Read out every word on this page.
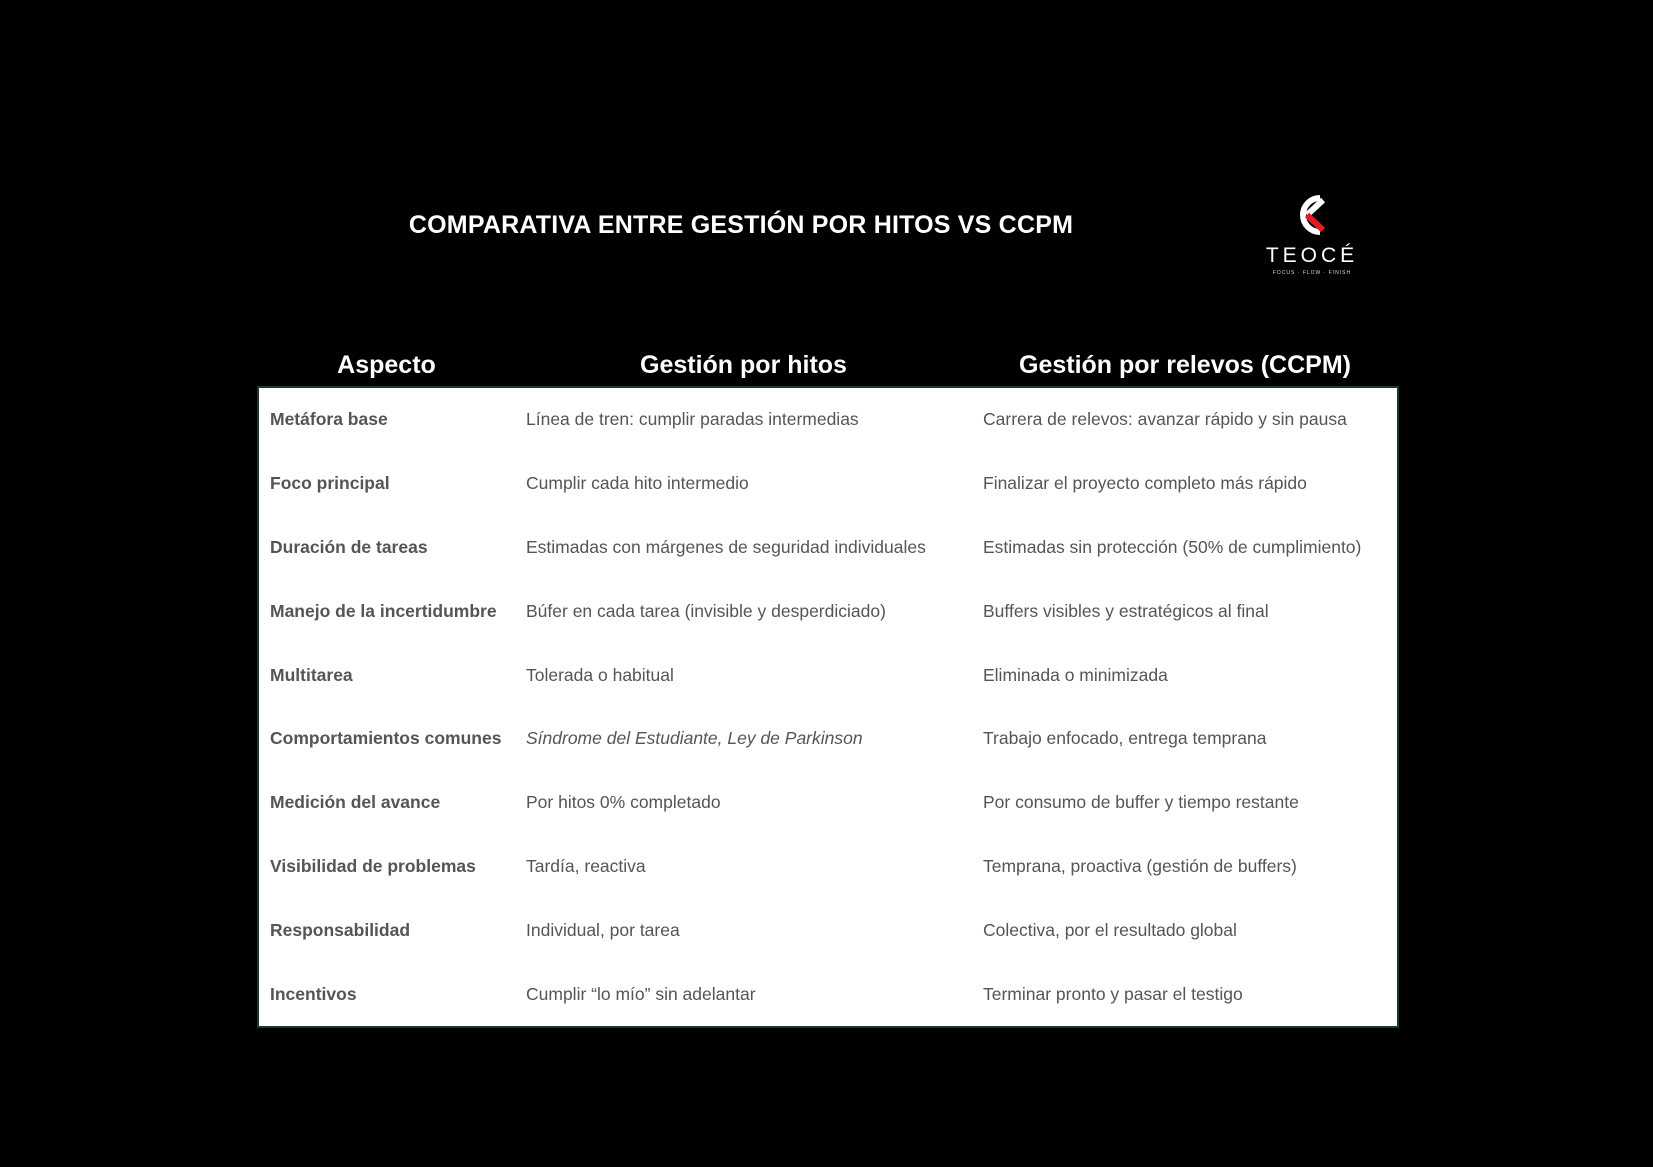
COMPARATIVA ENTRE GESTIÓN POR HITOS VS CCPM
TEOCÉ
FOCUS · FLOW · FINISH
Aspecto	Gestión por hitos	Gestión por relevos (CCPM)
Metáfora base	Línea de tren: cumplir paradas intermedias	Carrera de relevos: avanzar rápido y sin pausa
Foco principal	Cumplir cada hito intermedio	Finalizar el proyecto completo más rápido
Duración de tareas	Estimadas con márgenes de seguridad individuales	Estimadas sin protección (50% de cumplimiento)
Manejo de la incertidumbre	Búfer en cada tarea (invisible y desperdiciado)	Buffers visibles y estratégicos al final
Multitarea	Tolerada o habitual	Eliminada o minimizada
Comportamientos comunes	Síndrome del Estudiante, Ley de Parkinson	Trabajo enfocado, entrega temprana
Medición del avance	Por hitos 0% completado	Por consumo de buffer y tiempo restante
Visibilidad de problemas	Tardía, reactiva	Temprana, proactiva (gestión de buffers)
Responsabilidad	Individual, por tarea	Colectiva, por el resultado global
Incentivos	Cumplir “lo mío” sin adelantar	Terminar pronto y pasar el testigo
